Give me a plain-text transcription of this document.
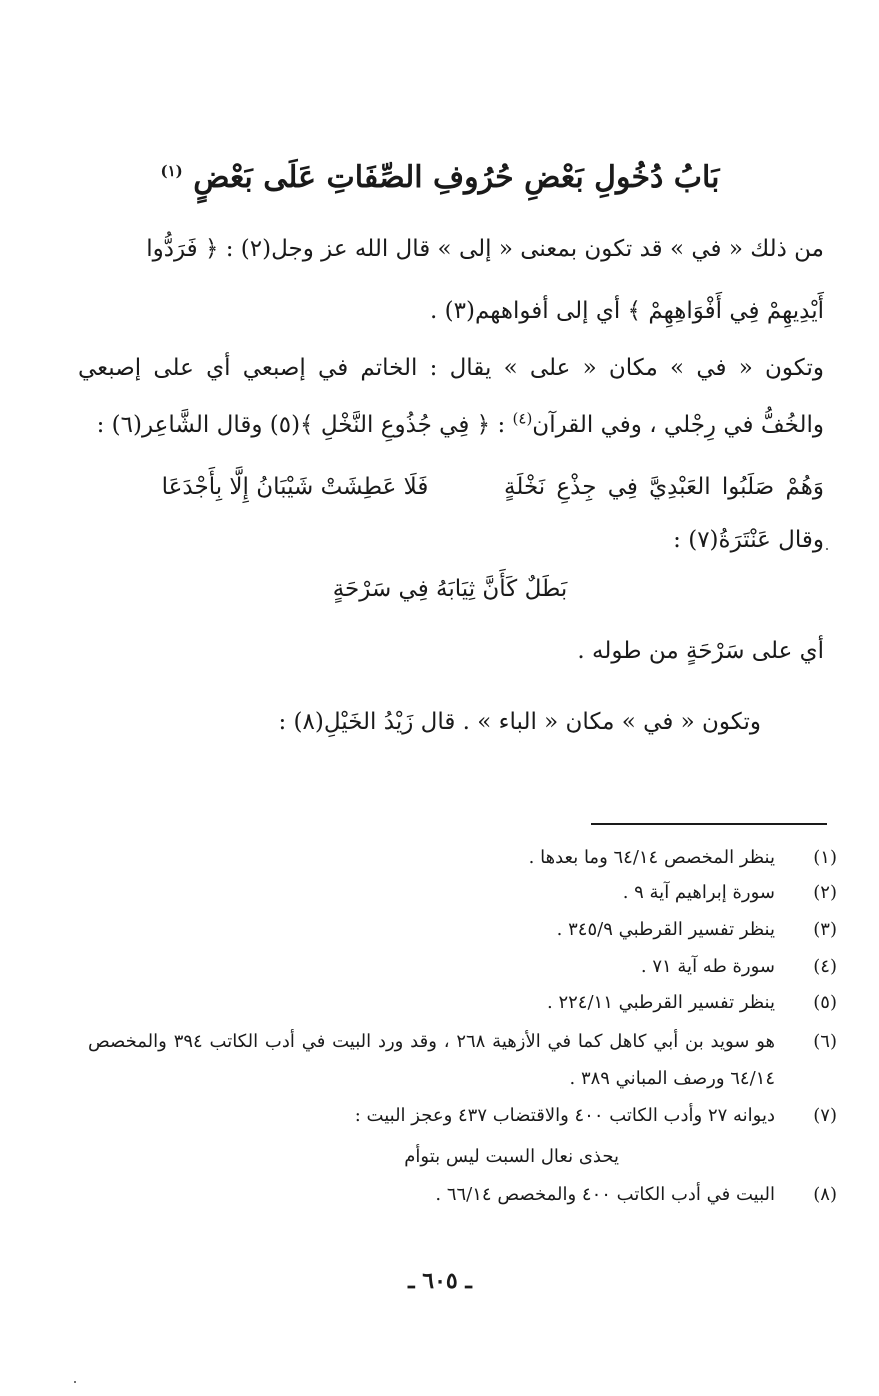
بَابُ دُخُولِ بَعْضِ حُرُوفِ الصِّفَاتِ عَلَى بَعْضٍ $^{(١)}$
من ذلك « في » قد تكون بمعنى « إلى » قال الله عز وجل(٢) : ﴿ فَرَدُّوا
أَيْدِيهِمْ فِي أَفْوَاهِهِمْ ﴾ أي إلى أفواههم(٣) .
وتكون « في » مكان « على » يقال : الخاتم في إصبعي أي على إصبعي
والخُفُّ في رِجْلي ، وفي القرآن$^{(٤)}$ : ﴿ فِي جُذُوعِ النَّخْلِ ﴾(٥) وقال الشَّاعِر(٦) :
وَهُمْ صَلَبُوا العَبْدِيَّ فِي جِذْعِ نَخْلَةٍ
فَلَا عَطِشَتْ شَيْبَانُ إِلَّا بِأَجْدَعَا
وقال عَنْتَرَةُ(٧) :
بَطَلٌ كَأَنَّ ثِيَابَهُ فِي سَرْحَةٍ
أي على سَرْحَةٍ من طوله .
وتكون « في » مكان « الباء » . قال زَيْدُ الخَيْلِ(٨) :
(١)
ينظر المخصص ٦٤/١٤ وما بعدها .
(٢)
سورة إبراهيم آية ٩ .
(٣)
ينظر تفسير القرطبي ٣٤٥/٩ .
(٤)
سورة طه آية ٧١ .
(٥)
ينظر تفسير القرطبي ٢٢٤/١١ .
(٦)
هو سويد بن أبي كاهل كما في الأزهية ٢٦٨ ، وقد ورد البيت في أدب الكاتب ٣٩٤ والمخصص
٦٤/١٤ ورصف المباني ٣٨٩ .
(٧)
ديوانه ٢٧ وأدب الكاتب ٤٠٠ والاقتضاب ٤٣٧ وعجز البيت :
يحذى نعال السبت ليس بتوأم
(٨)
البيت في أدب الكاتب ٤٠٠ والمخصص ٦٦/١٤ .
ـ ٦٠٥ ـ
